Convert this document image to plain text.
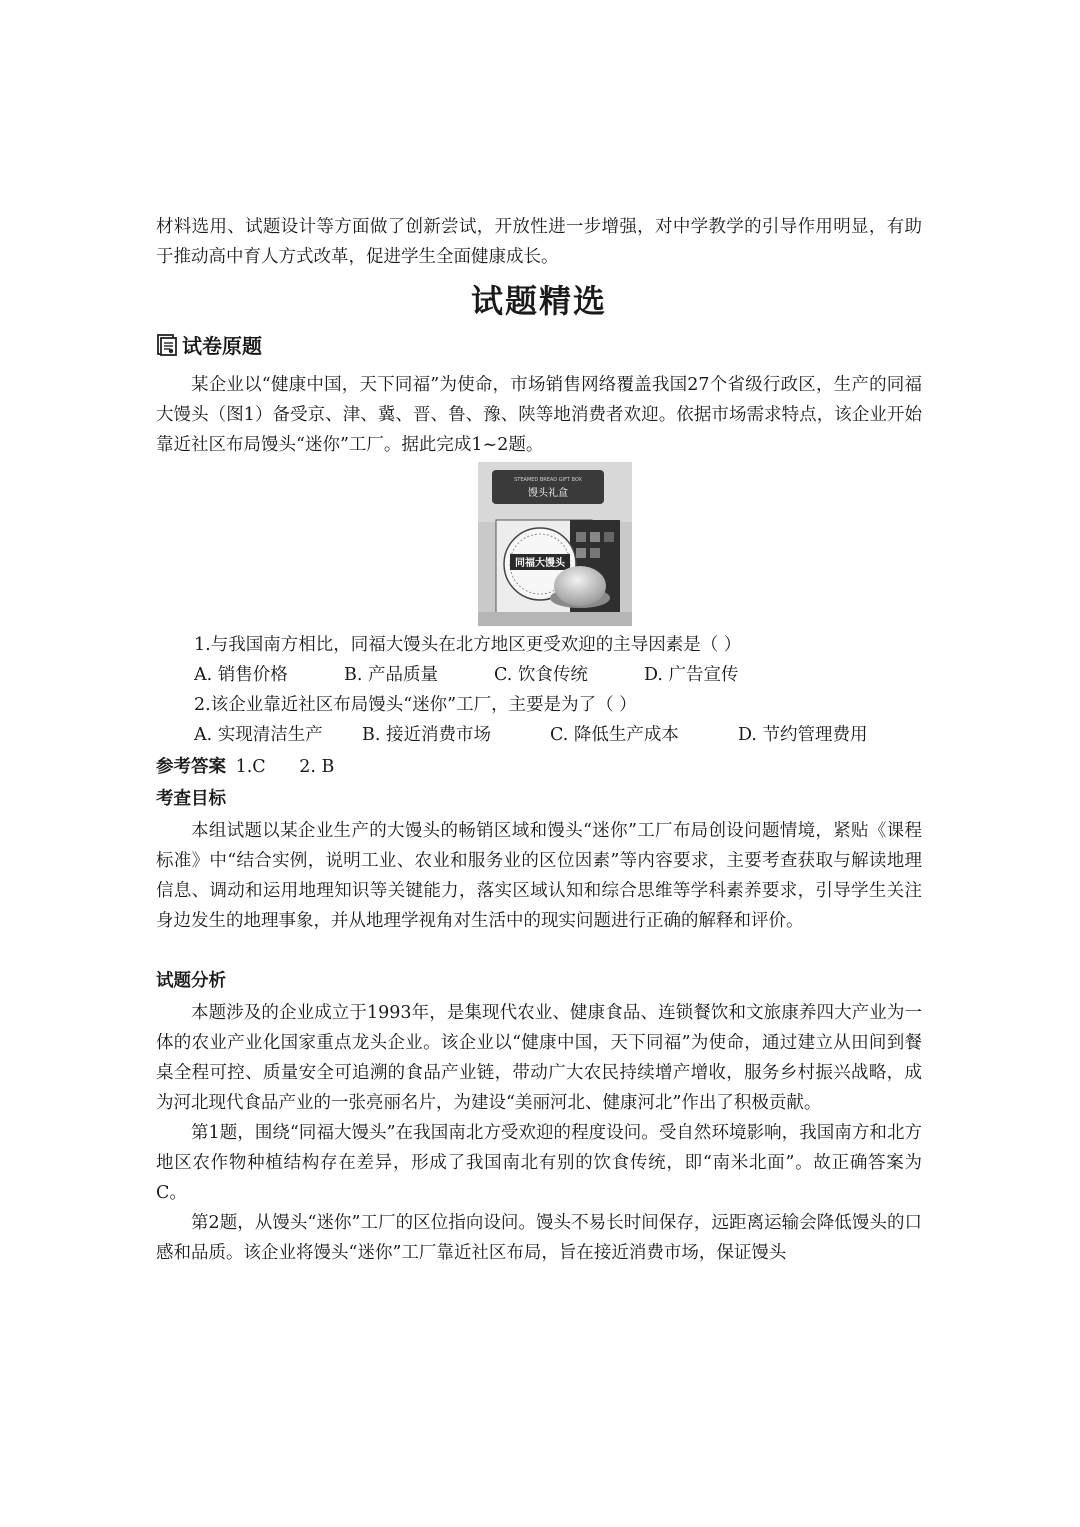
材料选用、试题设计等方面做了创新尝试，开放性进一步增强，对中学教学的引导作用明显，有助于推动高中育人方式改革，促进学生全面健康成长。

试题精选
试卷原题

某企业以“健康中国，天下同福”为使命，市场销售网络覆盖我国27个省级行政区，生产的同福大馒头（图1）备受京、津、冀、晋、鲁、豫、陕等地消费者欢迎。依据市场需求特点，该企业开始靠近社区布局馒头“迷你”工厂。据此完成1~2题。

STEAMED BREAD GIFT BOX
馒头礼盒
同福大馒头

1.与我国南方相比，同福大馒头在北方地区更受欢迎的主导因素是（ ）

A. 销售价格	B. 产品质量	C. 饮食传统	D. 广告宣传

2.该企业靠近社区布局馒头“迷你”工厂，主要是为了（ ）

A. 实现清洁生产	B. 接近消费市场	C. 降低生产成本	D. 节约管理费用
参考答案 1.C 2. B

考查目标

本组试题以某企业生产的大馒头的畅销区域和馒头“迷你”工厂布局创设问题情境，紧贴《课程标准》中“结合实例，说明工业、农业和服务业的区位因素”等内容要求，主要考查获取与解读地理信息、调动和运用地理知识等关键能力，落实区域认知和综合思维等学科素养要求，引导学生关注身边发生的地理事象，并从地理学视角对生活中的现实问题进行正确的解释和评价。

试题分析

本题涉及的企业成立于1993年，是集现代农业、健康食品、连锁餐饮和文旅康养四大产业为一体的农业产业化国家重点龙头企业。该企业以“健康中国，天下同福”为使命，通过建立从田间到餐桌全程可控、质量安全可追溯的食品产业链，带动广大农民持续增产增收，服务乡村振兴战略，成为河北现代食品产业的一张亮丽名片，为建设“美丽河北、健康河北”作出了积极贡献。

第1题，围绕“同福大馒头”在我国南北方受欢迎的程度设问。受自然环境影响，我国南方和北方地区农作物种植结构存在差异，形成了我国南北有别的饮食传统，即“南米北面”。故正确答案为C。

第2题，从馒头“迷你”工厂的区位指向设问。馒头不易长时间保存，远距离运输会降低馒头的口感和品质。该企业将馒头“迷你”工厂靠近社区布局，旨在接近消费市场，保证馒头
